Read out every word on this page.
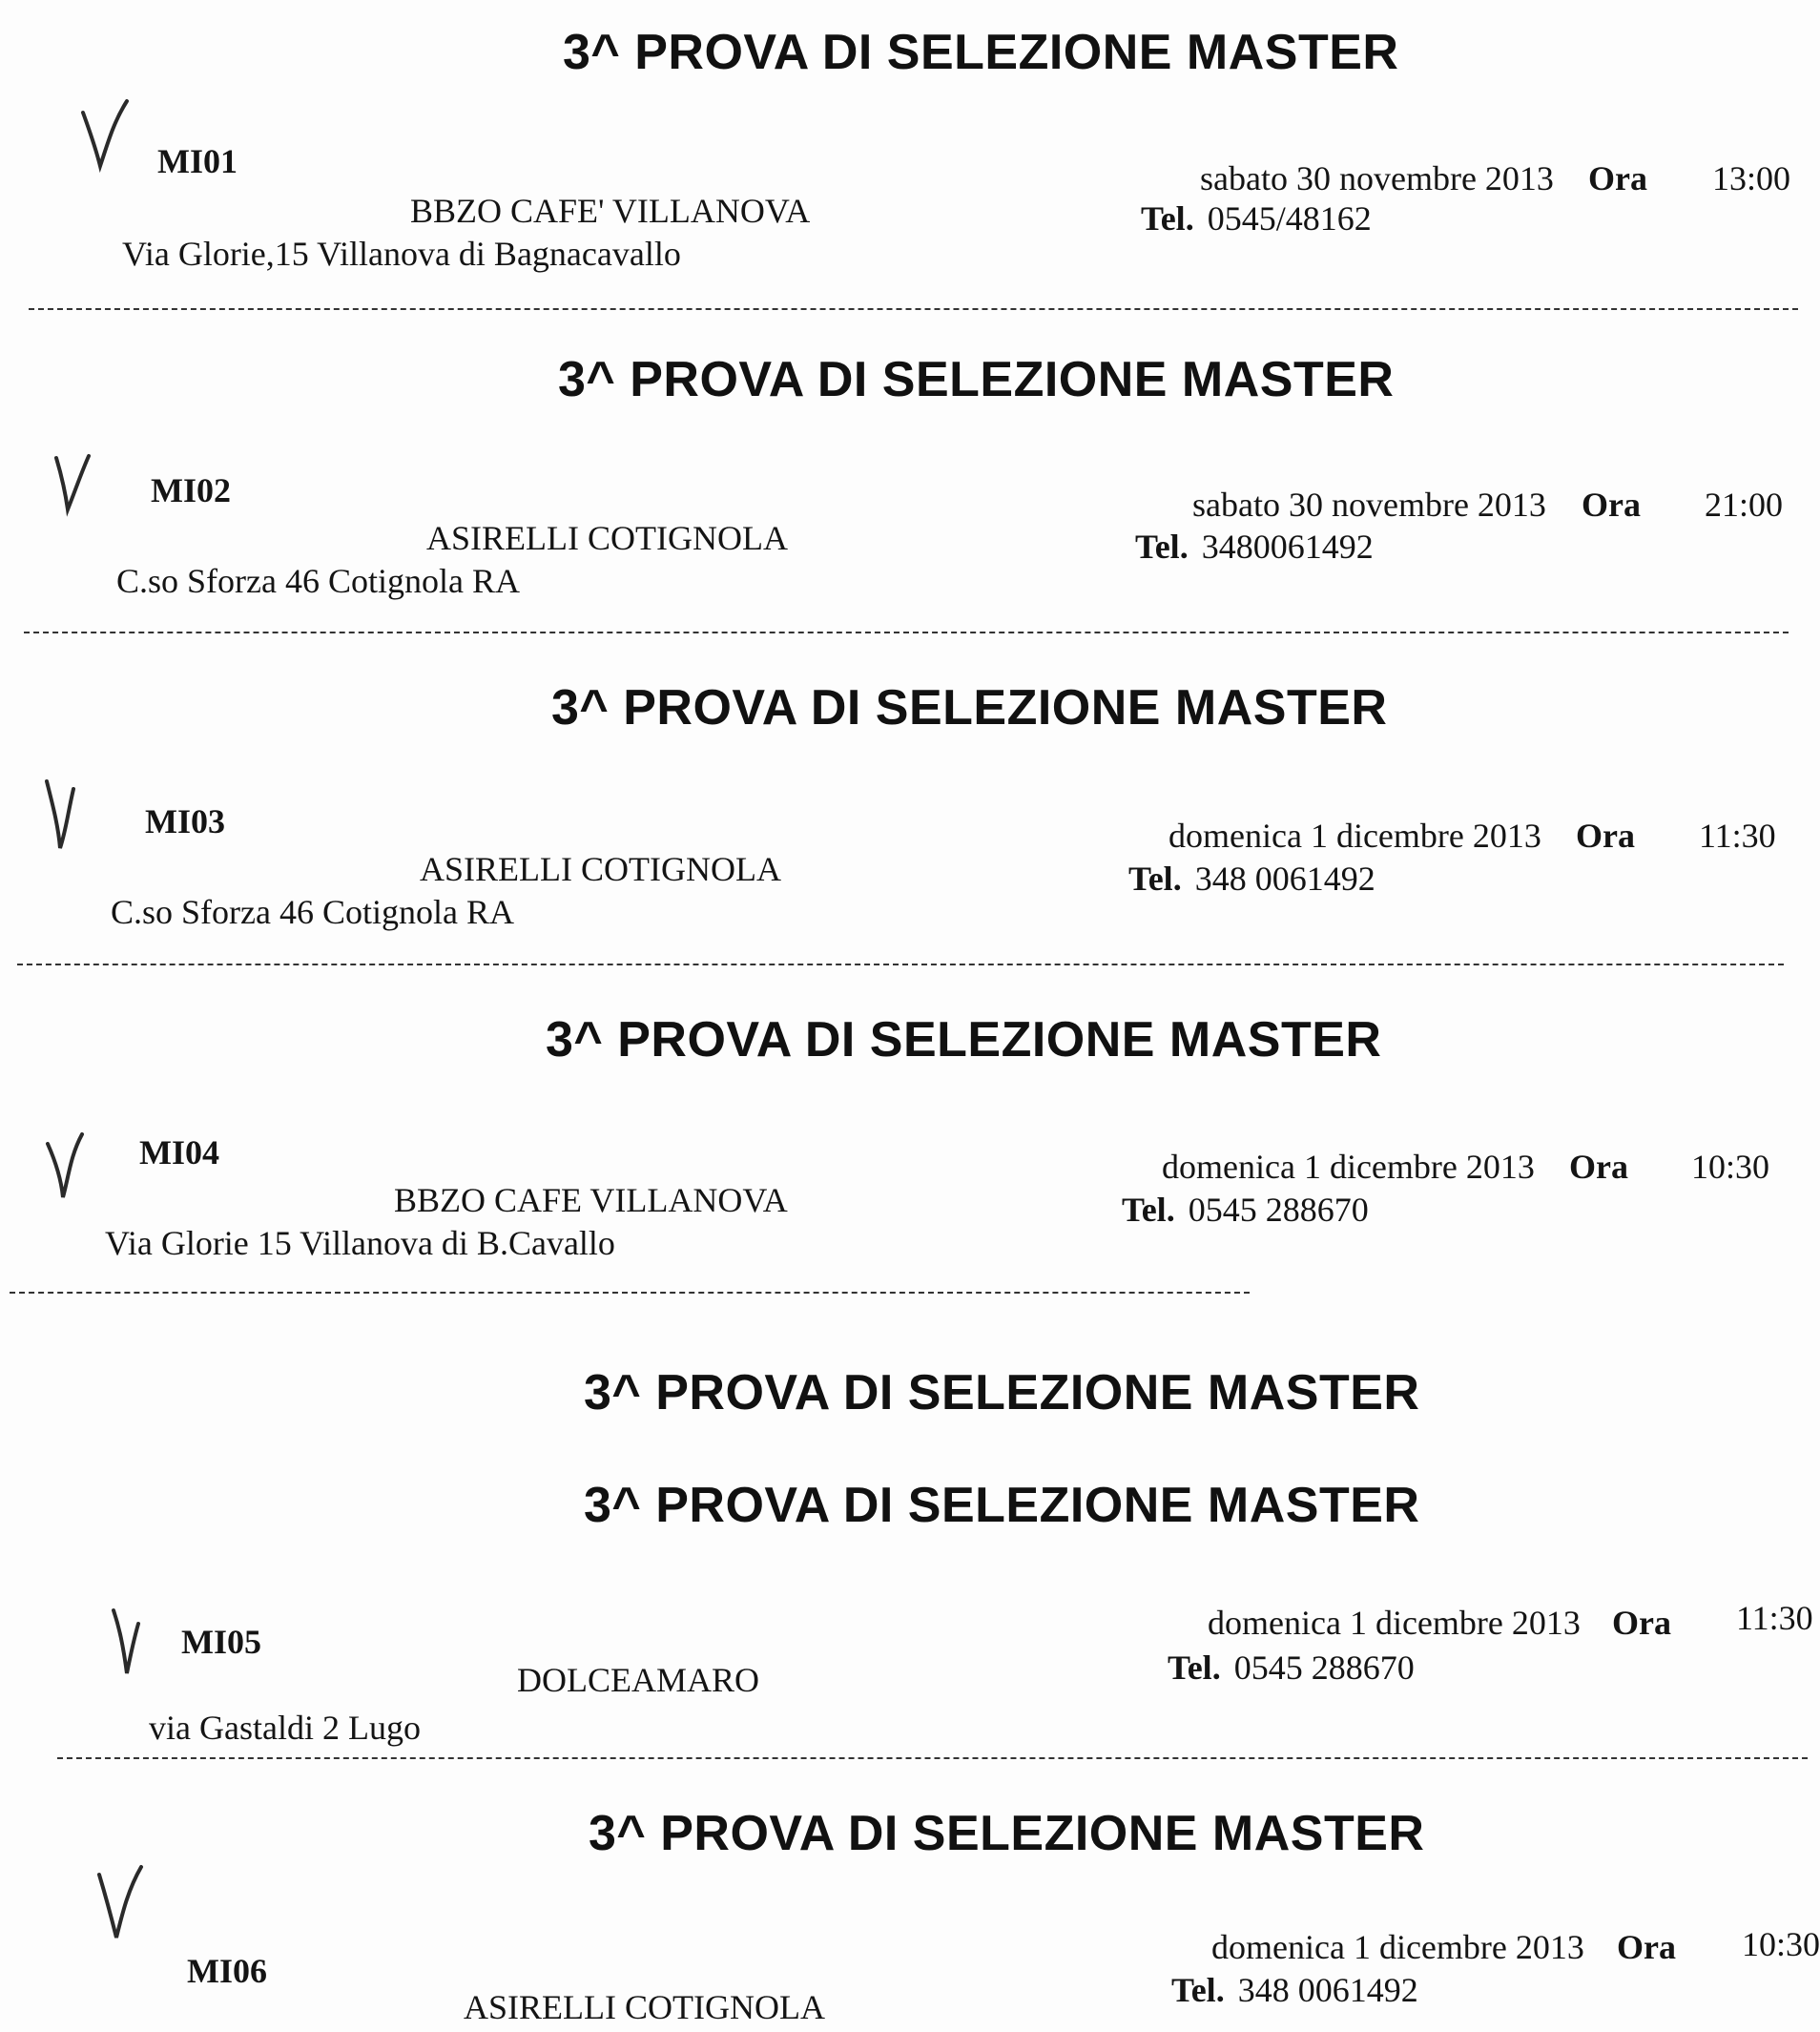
3^ PROVA DI SELEZIONE MASTER
MI01
BBZO CAFE' VILLANOVA
Via Glorie,15 Villanova di Bagnacavallo
sabato 30 novembre 2013 Ora 13:00
Tel. 0545/48162
3^ PROVA DI SELEZIONE MASTER
MI02
ASIRELLI COTIGNOLA
C.so Sforza 46 Cotignola RA
sabato 30 novembre 2013 Ora 21:00
Tel. 3480061492
3^ PROVA DI SELEZIONE MASTER
MI03
ASIRELLI COTIGNOLA
C.so Sforza 46 Cotignola RA
domenica 1 dicembre 2013 Ora 11:30
Tel. 348 0061492
3^ PROVA DI SELEZIONE MASTER
MI04
BBZO CAFE VILLANOVA
Via Glorie 15 Villanova di B.Cavallo
domenica 1 dicembre 2013 Ora 10:30
Tel. 0545 288670
3^ PROVA DI SELEZIONE MASTER
3^ PROVA DI SELEZIONE MASTER
MI05
DOLCEAMARO
via Gastaldi 2 Lugo
domenica 1 dicembre 2013 Ora 11:30
Tel. 0545 288670
3^ PROVA DI SELEZIONE MASTER
MI06
ASIRELLI COTIGNOLA
domenica 1 dicembre 2013 Ora 10:30
Tel. 348 0061492
